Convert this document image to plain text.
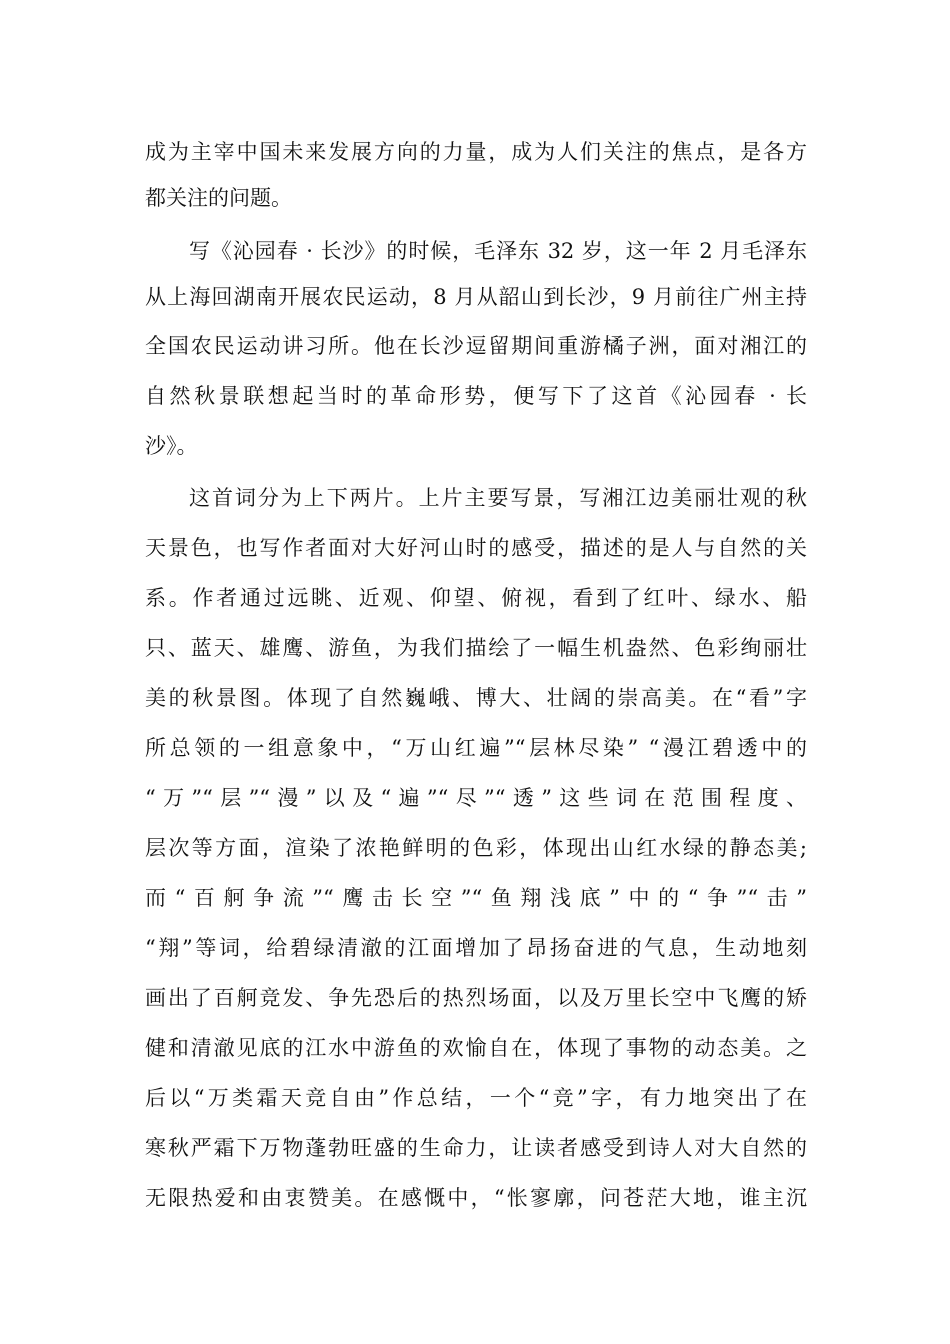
成为主宰中国未来发展方向的力量，成为人们关注的焦点，是各方
都关注的问题。
写《沁园春 · 长沙》的时候，毛泽东 32 岁，这一年 2 月毛泽东
从上海回湖南开展农民运动，8 月从韶山到长沙，9 月前往广州主持
全国农民运动讲习所。他在长沙逗留期间重游橘子洲，面对湘江的
自然秋景联想起当时的革命形势，便写下了这首《沁园春 · 长
沙》。
这首词分为上下两片。上片主要写景，写湘江边美丽壮观的秋
天景色，也写作者面对大好河山时的感受，描述的是人与自然的关
系。作者通过远眺、近观、仰望、俯视，看到了红叶、绿水、船
只、蓝天、雄鹰、游鱼，为我们描绘了一幅生机盎然、色彩绚丽壮
美的秋景图。体现了自然巍峨、博大、壮阔的崇高美。在“看”字
所总领的一组意象中，“万山红遍”“层林尽染” “漫江碧透中的
“万”“层”“漫”以及“遍”“尽”“透”这些词在范围程度、
层次等方面，渲染了浓艳鲜明的色彩，体现出山红水绿的静态美;
而“百舸争流”“鹰击长空”“鱼翔浅底”中的“争”“击”
“翔”等词，给碧绿清澈的江面增加了昂扬奋进的气息，生动地刻
画出了百舸竞发、争先恐后的热烈场面，以及万里长空中飞鹰的矫
健和清澈见底的江水中游鱼的欢愉自在，体现了事物的动态美。之
后以“万类霜天竞自由”作总结，一个“竞”字，有力地突出了在
寒秋严霜下万物蓬勃旺盛的生命力，让读者感受到诗人对大自然的
无限热爱和由衷赞美。在感慨中，“怅寥廓，问苍茫大地，谁主沉
